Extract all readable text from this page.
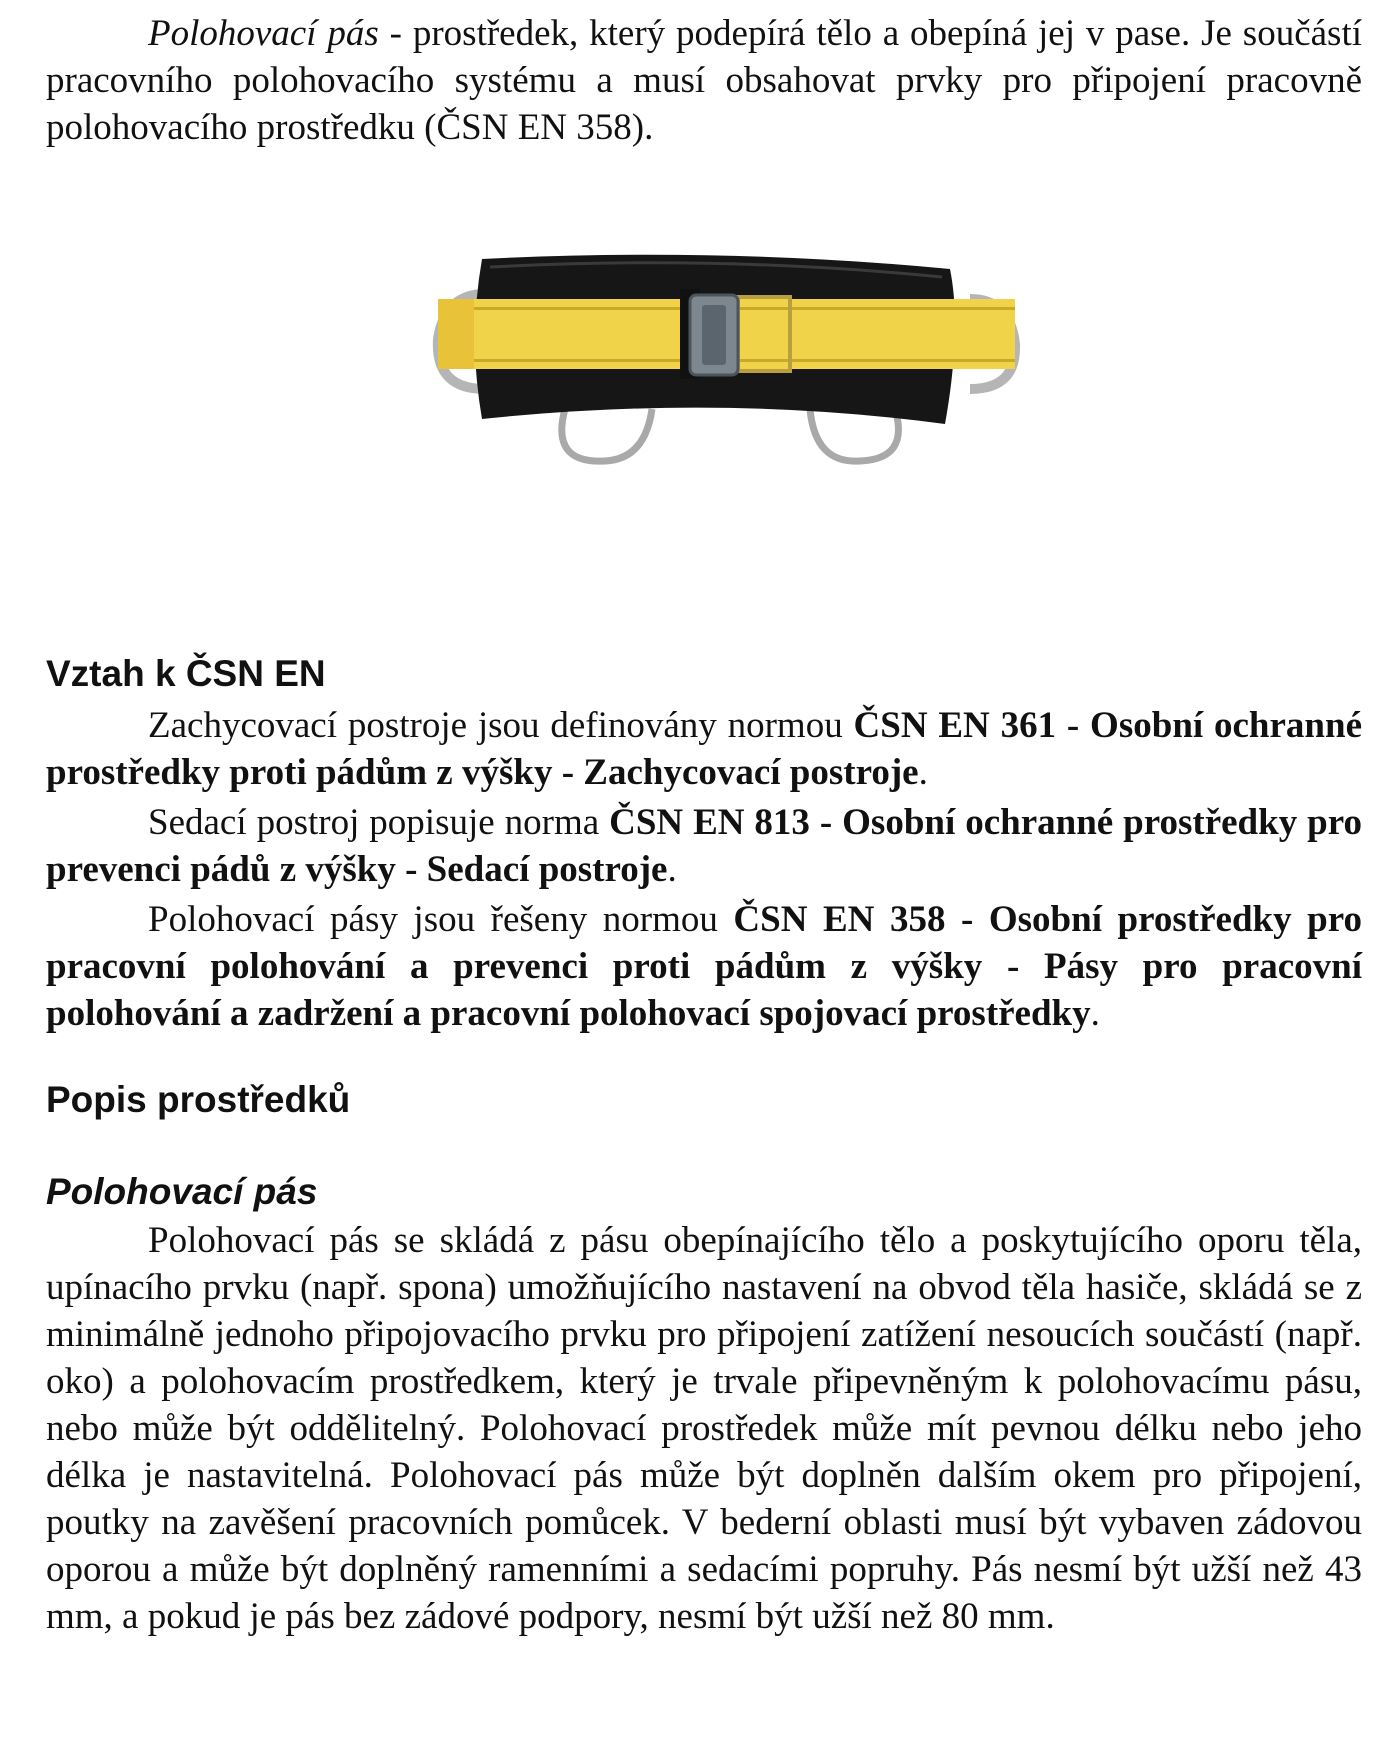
Polohovací pás - prostředek, který podepírá tělo a obepíná jej v pase. Je součástí pracovního polohovacího systému a musí obsahovat prvky pro připojení pracovně polohovacího prostředku (ČSN EN 358).

Vztah k ČSN EN

Zachycovací postroje jsou definovány normou ČSN EN 361 - Osobní ochranné prostředky proti pádům z výšky - Zachycovací postroje.

Sedací postroj popisuje norma ČSN EN 813 - Osobní ochranné prostředky pro prevenci pádů z výšky - Sedací postroje.

Polohovací pásy jsou řešeny normou ČSN EN 358 - Osobní prostředky pro pracovní polohování a prevenci proti pádům z výšky - Pásy pro pracovní polohování a zadržení a pracovní polohovací spojovací prostředky.

Popis prostředků
Polohovací pás

Polohovací pás se skládá z pásu obepínajícího tělo a poskytujícího oporu těla, upínacího prvku (např. spona) umožňujícího nastavení na obvod těla hasiče, skládá se z minimálně jednoho připojovacího prvku pro připojení zatížení nesoucích součástí (např. oko) a polohovacím prostředkem, který je trvale připevněným k polohovacímu pásu, nebo může být oddělitelný. Polohovací prostředek může mít pevnou délku nebo jeho délka je nastavitelná. Polohovací pás může být doplněn dalším okem pro připojení, poutky na zavěšení pracovních pomůcek. V bederní oblasti musí být vybaven zádovou oporou a může být doplněný ramenními a sedacími popruhy. Pás nesmí být užší než 43 mm, a pokud je pás bez zádové podpory, nesmí být užší než 80 mm.
